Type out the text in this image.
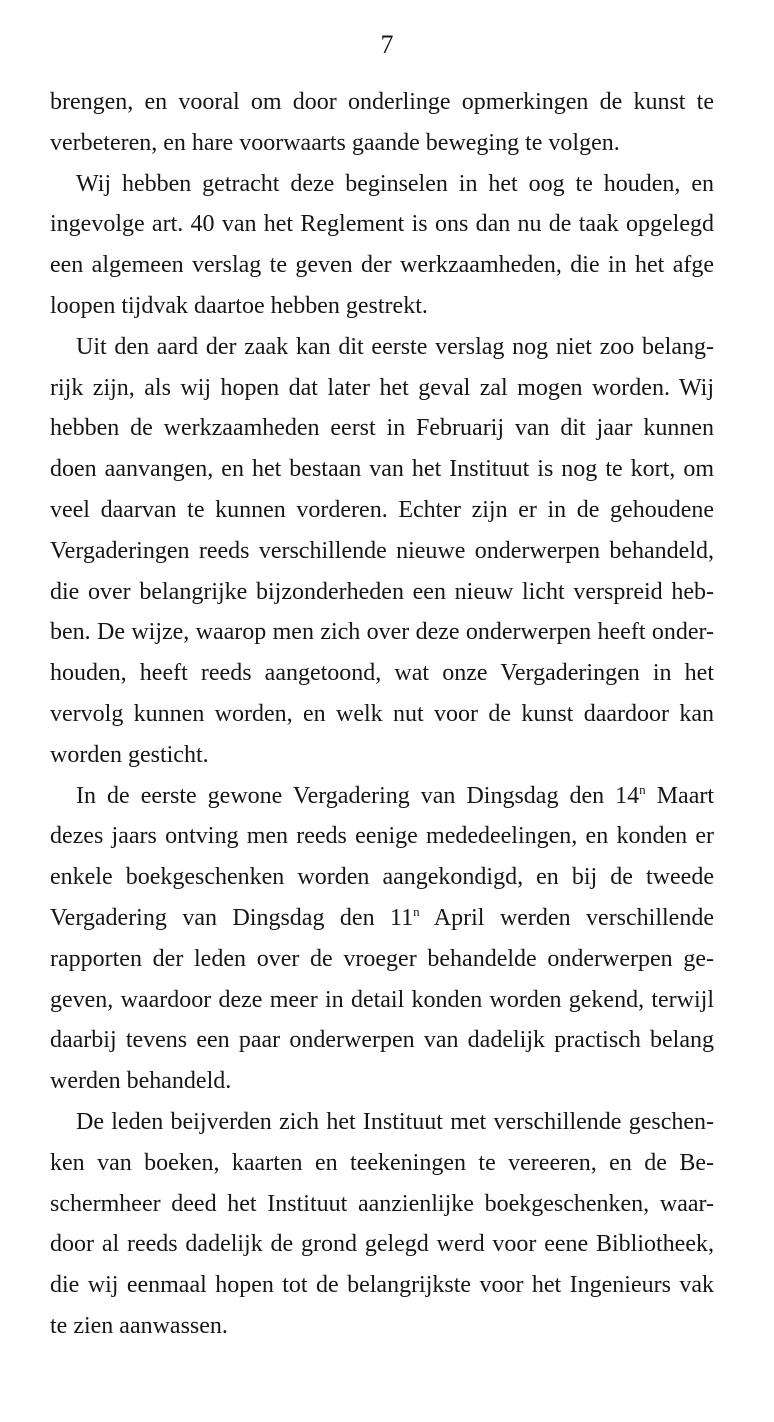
7
brengen, en vooral om door onderlinge opmerkingen de kunst te
verbeteren, en hare voorwaarts gaande beweging te volgen.
Wij hebben getracht deze beginselen in het oog te houden, en
ingevolge art. 40 van het Reglement is ons dan nu de taak opgelegd
een algemeen verslag te geven der werkzaamheden, die in het afge
loopen tijdvak daartoe hebben gestrekt.
Uit den aard der zaak kan dit eerste verslag nog niet zoo belang-
rijk zijn, als wij hopen dat later het geval zal mogen worden. Wij
hebben de werkzaamheden eerst in Februarij van dit jaar kunnen
doen aanvangen, en het bestaan van het Instituut is nog te kort, om
veel daarvan te kunnen vorderen. Echter zijn er in de gehoudene
Vergaderingen reeds verschillende nieuwe onderwerpen behandeld,
die over belangrijke bijzonderheden een nieuw licht verspreid heb-
ben. De wijze, waarop men zich over deze onderwerpen heeft onder-
houden, heeft reeds aangetoond, wat onze Vergaderingen in het
vervolg kunnen worden, en welk nut voor de kunst daardoor kan
worden gesticht.
In de eerste gewone Vergadering van Dingsdag den 14$^n$ Maart
dezes jaars ontving men reeds eenige mededeelingen, en konden er
enkele boekgeschenken worden aangekondigd, en bij de tweede
Vergadering van Dingsdag den 11$^n$ April werden verschillende
rapporten der leden over de vroeger behandelde onderwerpen ge-
geven, waardoor deze meer in detail konden worden gekend, terwijl
daarbij tevens een paar onderwerpen van dadelijk practisch belang
werden behandeld.
De leden beijverden zich het Instituut met verschillende geschen-
ken van boeken, kaarten en teekeningen te vereeren, en de Be-
schermheer deed het Instituut aanzienlijke boekgeschenken, waar-
door al reeds dadelijk de grond gelegd werd voor eene Bibliotheek,
die wij eenmaal hopen tot de belangrijkste voor het Ingenieurs vak
te zien aanwassen.
